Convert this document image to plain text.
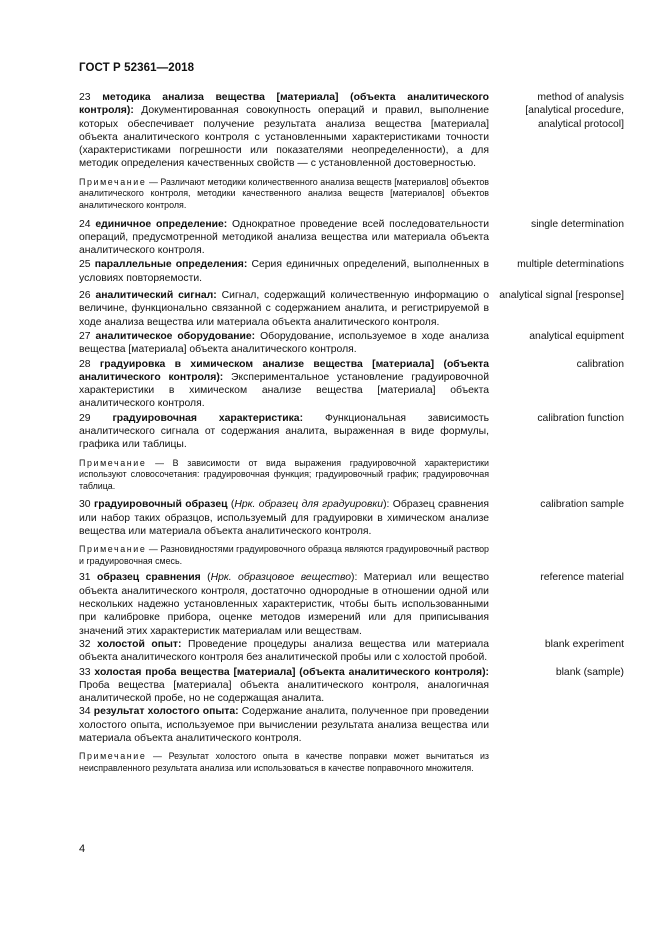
ГОСТ Р 52361—2018

23 методика анализа вещества [материала] (объекта аналитического контроля): Документированная совокупность операций и правил, выполнение которых обеспечивает получение результата анализа вещества [материала] объекта аналитического контроля с установленными характеристиками точности (характеристиками погрешности или показателями неопределенности), а для методик определения качественных свойств — с установленной достоверностью.

method of analysis [analytical procedure, analytical protocol]

Примечание — Различают методики количественного анализа веществ [материалов] объектов аналитического контроля, методики качественного анализа веществ [материалов] объектов аналитического контроля.

24 единичное определение: Однократное проведение всей последовательности операций, предусмотренной методикой анализа вещества или материала объекта аналитического контроля.

single determination

25 параллельные определения: Серия единичных определений, выполненных в условиях повторяемости.

multiple determinations

26 аналитический сигнал: Сигнал, содержащий количественную информацию о величине, функционально связанной с содержанием аналита, и регистрируемой в ходе анализа вещества или материала объекта аналитического контроля.

analytical signal [response]

27 аналитическое оборудование: Оборудование, используемое в ходе анализа вещества [материала] объекта аналитического контроля.

analytical equipment

28 градуировка в химическом анализе вещества [материала] (объекта аналитического контроля): Экспериментальное установление градуировочной характеристики в химическом анализе вещества [материала] объекта аналитического контроля.

calibration

29 градуировочная характеристика: Функциональная зависимость аналитического сигнала от содержания аналита, выраженная в виде формулы, графика или таблицы.

calibration function

Примечание — В зависимости от вида выражения градуировочной характеристики используют словосочетания: градуировочная функция; градуировочный график; градуировочная таблица.

30 градуировочный образец (Нрк. образец для градуировки): Образец сравнения или набор таких образцов, используемый для градуировки в химическом анализе вещества или материала объекта аналитического контроля.

calibration sample

Примечание — Разновидностями градуировочного образца являются градуировочный раствор и градуировочная смесь.

31 образец сравнения (Нрк. образцовое вещество): Материал или вещество объекта аналитического контроля, достаточно однородные в отношении одной или нескольких надежно установленных характеристик, чтобы быть использованными при калибровке прибора, оценке методов измерений или для приписывания значений этих характеристик материалам или веществам.

reference material

32 холостой опыт: Проведение процедуры анализа вещества или материала объекта аналитического контроля без аналитической пробы или с холостой пробой.

blank experiment

33 холостая проба вещества [материала] (объекта аналитического контроля): Проба вещества [материала] объекта аналитического контроля, аналогичная аналитической пробе, но не содержащая аналита.

blank (sample)

34 результат холостого опыта: Содержание аналита, полученное при проведении холостого опыта, используемое при вычислении результата анализа вещества или материала объекта аналитического контроля.

Примечание — Результат холостого опыта в качестве поправки может вычитаться из неисправленного результата анализа или использоваться в качестве поправочного множителя.

4
